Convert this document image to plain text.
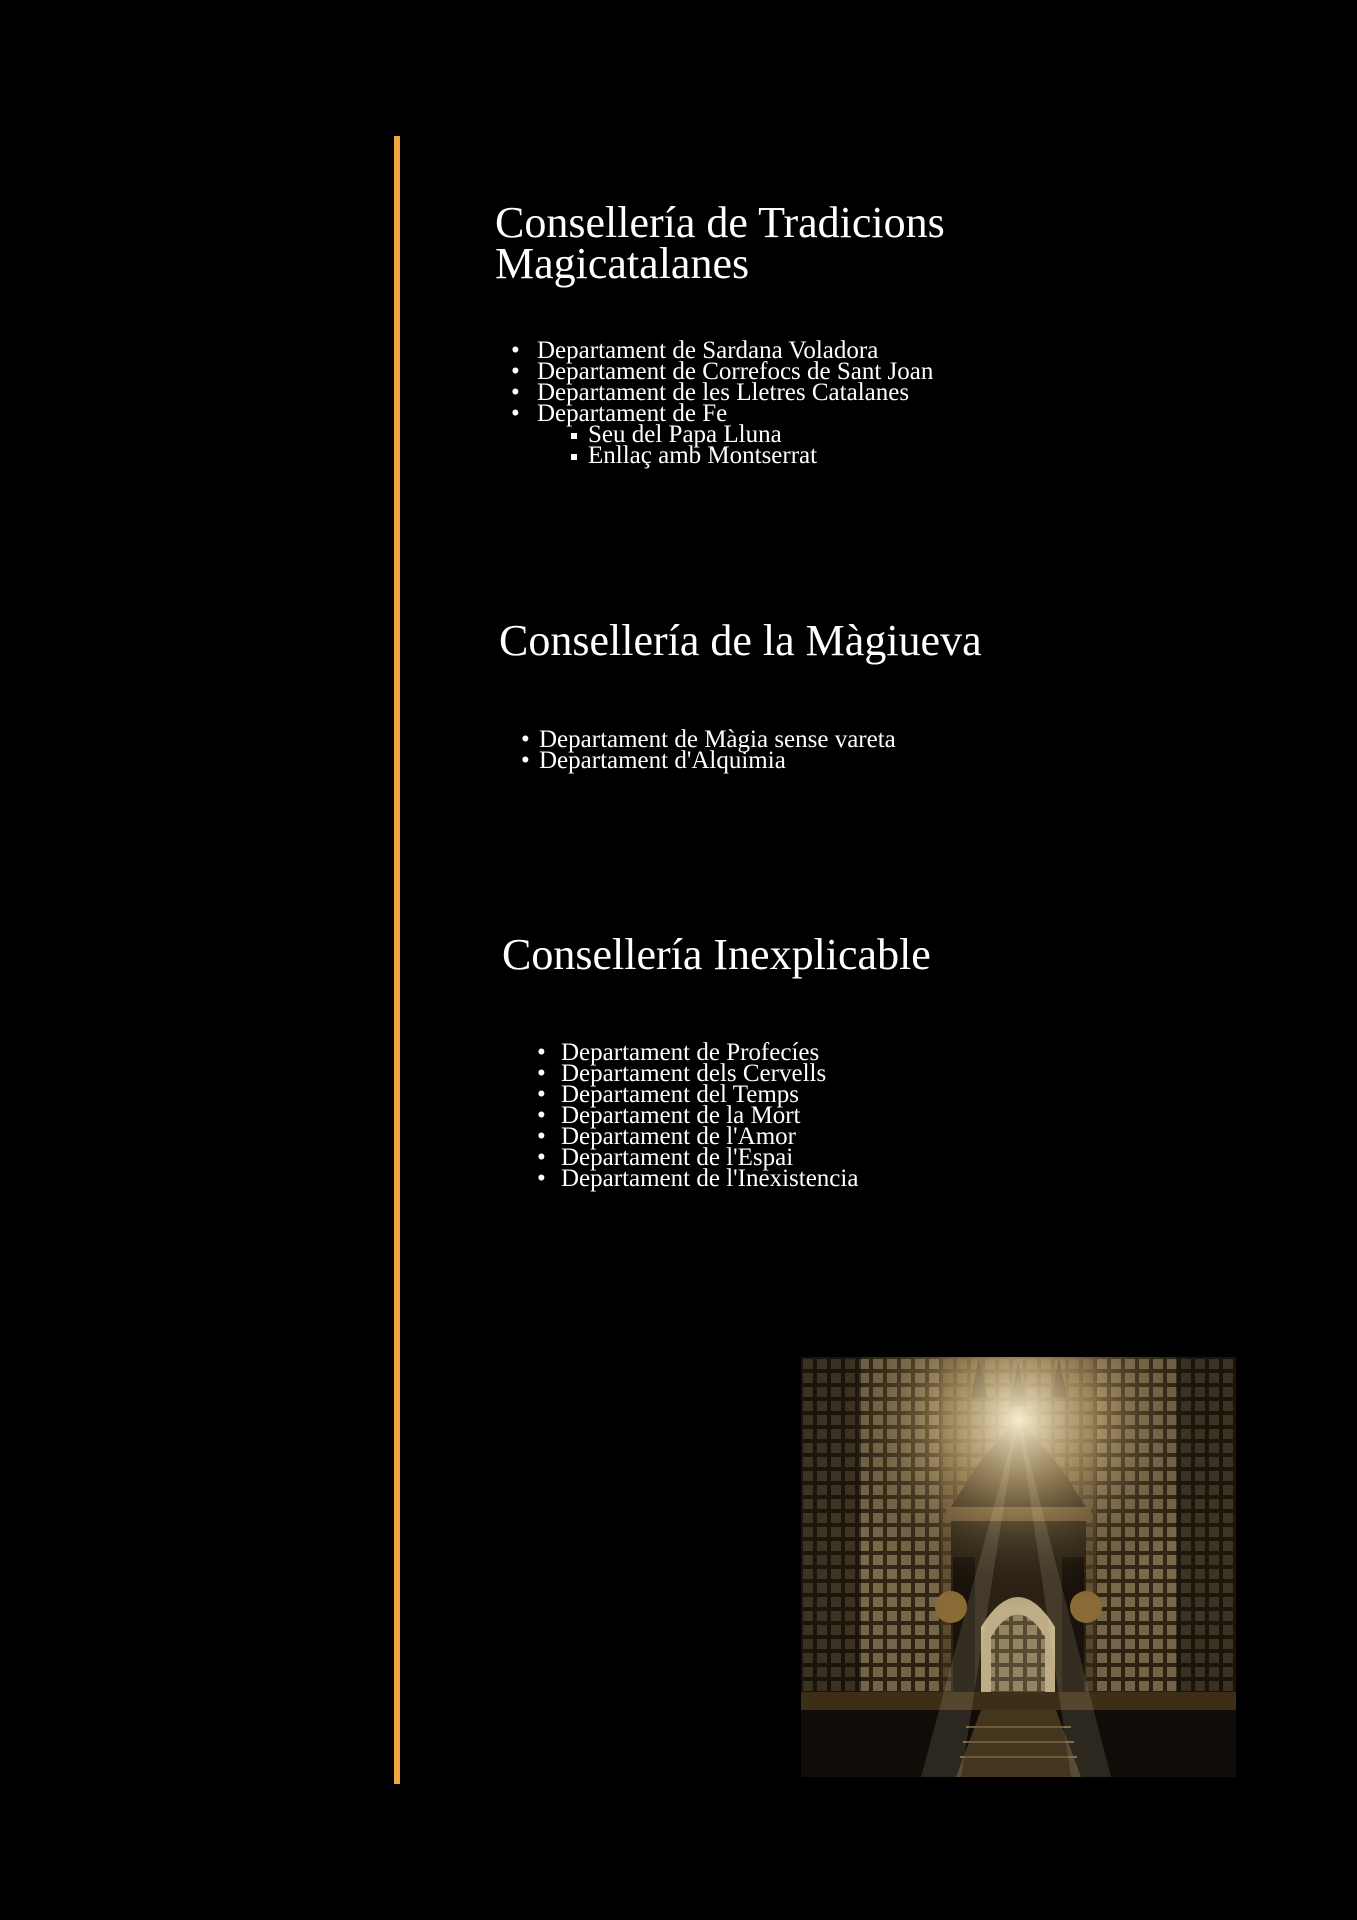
Consellería de Tradicions
Magicatalanes
• Departament de Sardana Voladora
• Departament de Correfocs de Sant Joan
• Departament de les Lletres Catalanes
• Departament de Fe
Seu del Papa Lluna
Enllaç amb Montserrat
Consellería de la Màgiueva
• Departament de Màgia sense vareta
• Departament d'Alquimia
Consellería Inexplicable
• Departament de Profecíes
• Departament dels Cervells
• Departament del Temps
• Departament de la Mort
• Departament de l'Amor
• Departament de l'Espai
• Departament de l'Inexistencia
